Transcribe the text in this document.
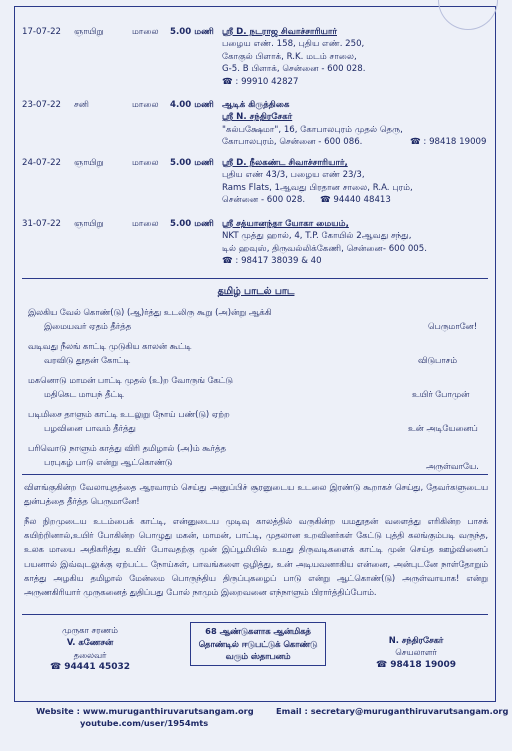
17-07-22	ஞாயிறு	மாலை	5.00 மணி ஸ்ரீ D. நடராஜ சிவாச்சாரியார்
பழைய எண். 158, புதிய எண். 250,
கோகுல் பிளாக், R.K. மடம் சாலை,
G-5. B பிளாக், சென்னை - 600 028.
☎ : 99910 42827
23-07-22	சனி	மாலை	4.00 மணி ஆடிக் கிருத்திகை
ஸ்ரீ N. சந்திரசேகர்
"கல்பக்ஷேமா", 16, கோபாலபுரம் முதல் தெரு,
கோபாலபுரம், சென்னை - 600 086.	☎ : 98418 19009
24-07-22	ஞாயிறு	மாலை	5.00 மணி ஸ்ரீ D. நீலகண்ட சிவாச்சாரியார்,
புதிய எண் 43/3, பழைய எண் 23/3,
Rams Flats, 1ஆவது பிரதான சாலை, R.A. புரம்,
சென்னை - 600 028.	☎ 94440 48413
31-07-22	ஞாயிறு	மாலை	5.00 மணி ஸ்ரீ சத்யானந்தா யோகா மையம்,
NKT முத்து ஹால், 4, T.P. கோயில் 2ஆவது சந்து,
டில் ஹவுஸ், திருவல்லிக்கேணி, சென்னை- 600 005.
☎ : 98417 38039 & 40
தமிழ் பாடல் பாட
இலகிய வேல் கொண்(டு) (ஆ)ர்த்து உடலிரு கூறு (அ)ன்று ஆக்கி
இமையவர் ஏதம் தீர்த்த	பெருமானே!
வடிவது நீலங் காட்டி முடுகிய காலன் கூட்டி
வரவிடு தூதன் கோட்டி	விடுபாசம்
மகனொடு மாமன் பாட்டி முதல் (உ)ற வோருங் கேட்டு
மதிகெட மாயந் தீட்டி	உயிர் போமுன்
படிமிசை தாளும் காட்டி உடலுறு நோய் பண்(டு) ஏற்ற
பழவினை பாவம் தீர்த்து	உன் அடியேனைப்
பரிவொடு நாளும் காத்து விரி தமிழால் (அ)ம் கூர்த்த
பரபுகழ் பாடு என்று ஆட்கொண்டு	அருள்வாயே.
விளங்குகின்ற வேலாயுதத்தை ஆரவாரம் செய்து அனுப்பிச் சூரனுடைய உடலை இரண்டு கூறாகச் செய்து, தேவர்களுடைய துன்பத்தை தீர்த்த பெருமானே!
நீல நிறமுடைய உடம்பைக் காட்டி, என்னுடைய முடிவு காலத்தில் வருகின்ற யமதூதன் வளைத்து எரிகின்ற பாசக் கயிற்றினால்,உயிர் போகின்ற பொழுது மகன், மாமன், பாட்டி, முதலான உறவினர்கள் கேட்டு புத்தி கலங்கும்படி வருந்த, உலக மாயை அதிகரித்து உயிர் போவதற்கு முன் இப்பூமியில் உமது திருவடிகளைக் காட்டி முன் செய்த ஊழ்வினைப் பயனால் இவ்வுடலுக்கு ஏற்பட்ட நோய்கள், பாவங்களை ஒழித்து, உன் அடியவனாகிய என்னை, அன்புடனே நாள்தோறும் காத்து அழகிய தமிழால் மேன்மை பொருந்திய திருப்புகழைப் பாடு என்று ஆட்கொண்(டு) அருள்வாயாக! என்று அருணகிரியார் முருகனைத் துதிப்பது போல் நாமும் இறைவனை எந்நாளும் பிரார்த்திப்போம்.
முருகா சரணம்
V. கணேசன்
தலைவர்
☎ 94441 45032
68 ஆண்டுகளாக ஆன்மிகத்
தொண்டில் ஈடுபட்டுக் கொண்டு
வரும் ஸ்தாபனம்
N. சந்திரசேகர்
செயலாளர்
☎ 98418 19009
Website : www.muruganthiruvarutsangam.org
youtube.com/user/1954mts
Email : secretary@muruganthiruvarutsangam.org
